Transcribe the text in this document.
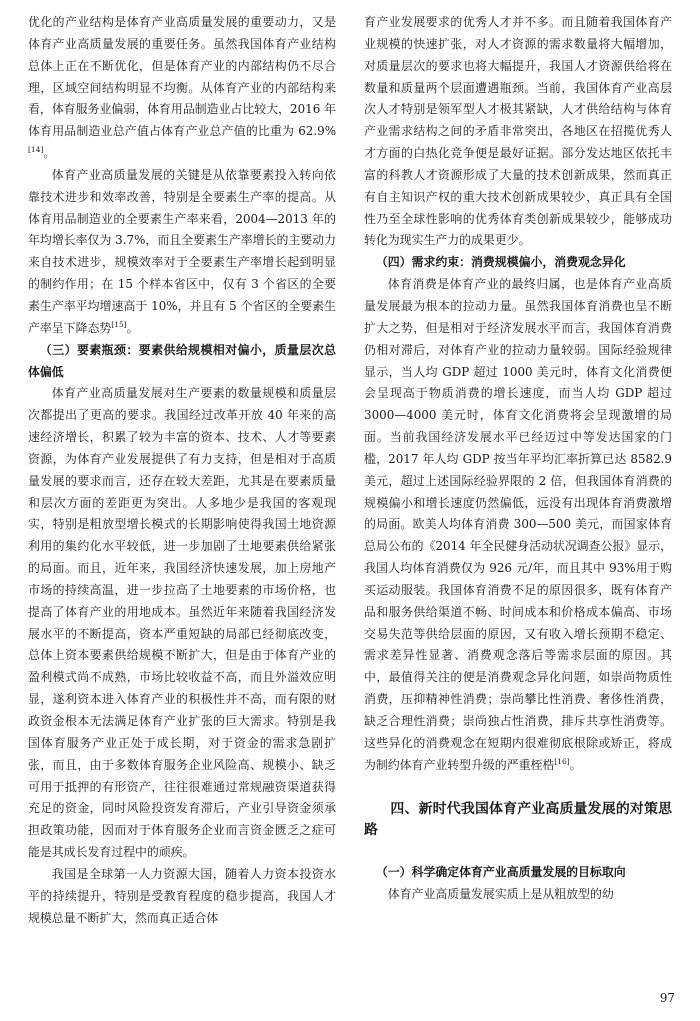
优化的产业结构是体育产业高质量发展的重要动力，又是体育产业高质量发展的重要任务。虽然我国体育产业结构总体上正在不断优化，但是体育产业的内部结构仍不尽合理，区域空间结构明显不均衡。从体育产业的内部结构来看，体育服务业偏弱，体育用品制造业占比较大，2016 年体育用品制造业总产值占体育产业总产值的比重为 62.9%[14]。

体育产业高质量发展的关键是从依靠要素投入转向依靠技术进步和效率改善，特别是全要素生产率的提高。从体育用品制造业的全要素生产率来看，2004—2013 年的年均增长率仅为 3.7%，而且全要素生产率增长的主要动力来自技术进步，规模效率对于全要素生产率增长起到明显的制约作用；在 15 个样本省区中，仅有 3 个省区的全要素生产率平均增速高于 10%，并且有 5 个省区的全要素生产率呈下降态势[15]。

（三）要素瓶颈：要素供给规模相对偏小，质量层次总体偏低

体育产业高质量发展对生产要素的数量规模和质量层次都提出了更高的要求。我国经过改革开放 40 年来的高速经济增长，积累了较为丰富的资本、技术、人才等要素资源，为体育产业发展提供了有力支持，但是相对于高质量发展的要求而言，还存在较大差距，尤其是在要素质量和层次方面的差距更为突出。人多地少是我国的客观现实，特别是粗放型增长模式的长期影响使得我国土地资源利用的集约化水平较低，进一步加剧了土地要素供给紧张的局面。而且，近年来，我国经济快速发展，加上房地产市场的持续高温，进一步拉高了土地要素的市场价格，也提高了体育产业的用地成本。虽然近年来随着我国经济发展水平的不断提高，资本严重短缺的局部已经彻底改变，总体上资本要素供给规模不断扩大，但是由于体育产业的盈利模式尚不成熟，市场比较收益不高，而且外溢效应明显，遂利资本进入体育产业的积极性并不高，而有限的财政资金根本无法满足体育产业扩张的巨大需求。特别是我国体育服务产业正处于成长期，对于资金的需求急剧扩张，而且，由于多数体育服务企业风险高、规模小、缺乏可用于抵押的有形资产，往往很难通过常规融资渠道获得充足的资金，同时风险投资发育滞后，产业引导资金须承担政策功能，因而对于体育服务企业而言资金匮乏之症可能是其成长发育过程中的顽疾。

我国是全球第一人力资源大国，随着人力资本投资水平的持续提升，特别是受教育程度的稳步提高，我国人才规模总量不断扩大，然而真正适合体

育产业发展要求的优秀人才并不多。而且随着我国体育产业规模的快速扩张，对人才资源的需求数量将大幅增加，对质量层次的要求也将大幅提升，我国人才资源供给将在数量和质量两个层面遭遇瓶颈。当前，我国体育产业高层次人才特别是领军型人才极其紧缺，人才供给结构与体育产业需求结构之间的矛盾非常突出，各地区在招揽优秀人才方面的白热化竞争便是最好证据。部分发达地区依托丰富的科教人才资源形成了大量的技术创新成果，然而真正有自主知识产权的重大技术创新成果较少，真正具有全国性乃至全球性影响的优秀体育类创新成果较少，能够成功转化为现实生产力的成果更少。

（四）需求约束：消费规模偏小，消费观念异化

体育消费是体育产业的最终归属，也是体育产业高质量发展最为根本的拉动力量。虽然我国体育消费也呈不断扩大之势，但是相对于经济发展水平而言，我国体育消费仍相对滞后，对体育产业的拉动力量较弱。国际经验规律显示，当人均 GDP 超过 1000 美元时，体育文化消费便会呈现高于物质消费的增长速度，而当人均 GDP 超过 3000—4000 美元时，体育文化消费将会呈现激增的局面。当前我国经济发展水平已经迈过中等发达国家的门槛，2017 年人均 GDP 按当年平均汇率折算已达 8582.9 美元，超过上述国际经验界限的 2 倍，但我国体育消费的规模偏小和增长速度仍然偏低，远没有出现体育消费激增的局面。欧美人均体育消费 300—500 美元，而国家体育总局公布的《2014 年全民健身活动状况调查公报》显示，我国人均体育消费仅为 926 元/年，而且其中 93%用于购买运动服装。我国体育消费不足的原因很多，既有体育产品和服务供给渠道不畅、时间成本和价格成本偏高、市场交易失范等供给层面的原因，又有收入增长预期不稳定、需求差异性显著、消费观念落后等需求层面的原因。其中，最值得关注的便是消费观念异化问题，如崇尚物质性消费，压抑精神性消费；崇尚攀比性消费、奢侈性消费，缺乏合理性消费；崇尚独占性消费，排斥共享性消费等。这些异化的消费观念在短期内很难彻底根除或矫正，将成为制约体育产业转型升级的严重桎梏[16]。

四、新时代我国体育产业高质量发展的对策思路

（一）科学确定体育产业高质量发展的目标取向

体育产业高质量发展实质上是从粗放型的幼

97
